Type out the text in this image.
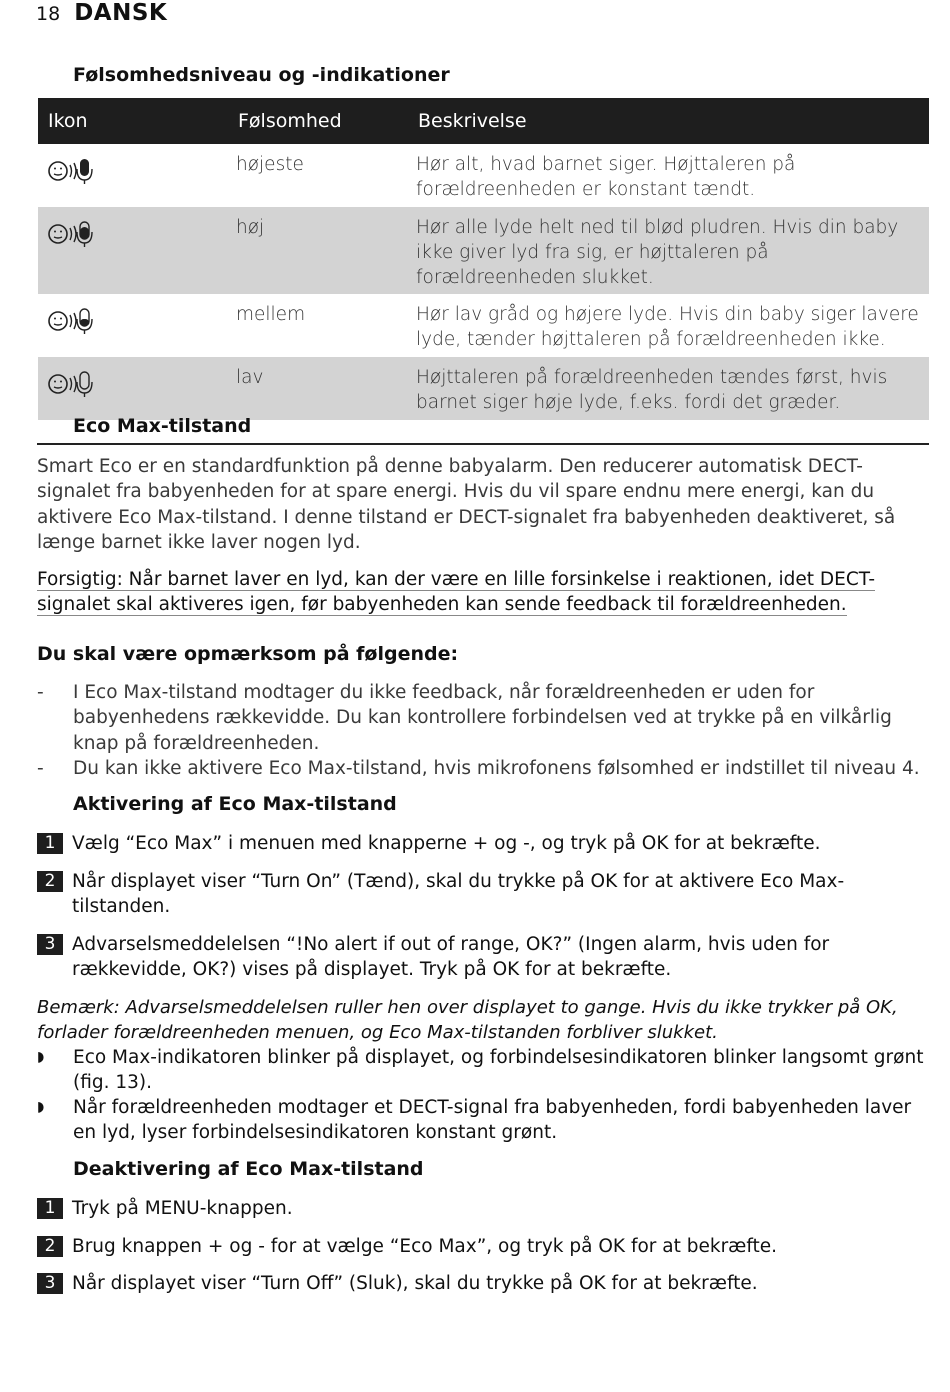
18 DANSK
Følsomhedsniveau og -indikationer
Ikon	Følsomhed	Beskrivelse

	højeste	Hør alt, hvad barnet siger. Højttaleren på forældreenheden er konstant tændt.

	høj	Hør alle lyde helt ned til blød pludren. Hvis din baby ikke giver lyd fra sig, er højttaleren på forældreenheden slukket.

	mellem	Hør lav gråd og højere lyde. Hvis din baby siger lavere lyde, tænder højttaleren på forældreenheden ikke.

	lav	Højttaleren på forældreenheden tændes først, hvis barnet siger høje lyde, f.eks. fordi det græder.
Eco Max-tilstand
Smart Eco er en standardfunktion på denne babyalarm. Den reducerer automatisk DECT-signalet fra babyenheden for at spare energi. Hvis du vil spare endnu mere energi, kan du aktivere Eco Max-tilstand. I denne tilstand er DECT-signalet fra babyenheden deaktiveret, så længe barnet ikke laver nogen lyd.
Forsigtig: Når barnet laver en lyd, kan der være en lille forsinkelse i reaktionen, idet DECT-signalet skal aktiveres igen, før babyenheden kan sende feedback til forældreenheden.
Du skal være opmærksom på følgende:
- I Eco Max-tilstand modtager du ikke feedback, når forældreenheden er uden for babyenhedens rækkevidde. Du kan kontrollere forbindelsen ved at trykke på en vilkårlig knap på forældreenheden.
- Du kan ikke aktivere Eco Max-tilstand, hvis mikrofonens følsomhed er indstillet til niveau 4.
Aktivering af Eco Max-tilstand
1 Vælg “Eco Max” i menuen med knapperne + og -, og tryk på OK for at bekræfte.
2 Når displayet viser “Turn On” (Tænd), skal du trykke på OK for at aktivere Eco Max-tilstanden.
3 Advarselsmeddelelsen “!No alert if out of range, OK?” (Ingen alarm, hvis uden for rækkevidde, OK?) vises på displayet. Tryk på OK for at bekræfte.
Bemærk: Advarselsmeddelelsen ruller hen over displayet to gange. Hvis du ikke trykker på OK, forlader forældreenheden menuen, og Eco Max-tilstanden forbliver slukket.
◗	Eco Max-indikatoren blinker på displayet, og forbindelsesindikatoren blinker langsomt grønt (fig. 13).
◗	Når forældreenheden modtager et DECT-signal fra babyenheden, fordi babyenheden laver en lyd, lyser forbindelsesindikatoren konstant grønt.
Deaktivering af Eco Max-tilstand
1 Tryk på MENU-knappen.
2 Brug knappen + og - for at vælge “Eco Max”, og tryk på OK for at bekræfte.
3 Når displayet viser “Turn Off” (Sluk), skal du trykke på OK for at bekræfte.
